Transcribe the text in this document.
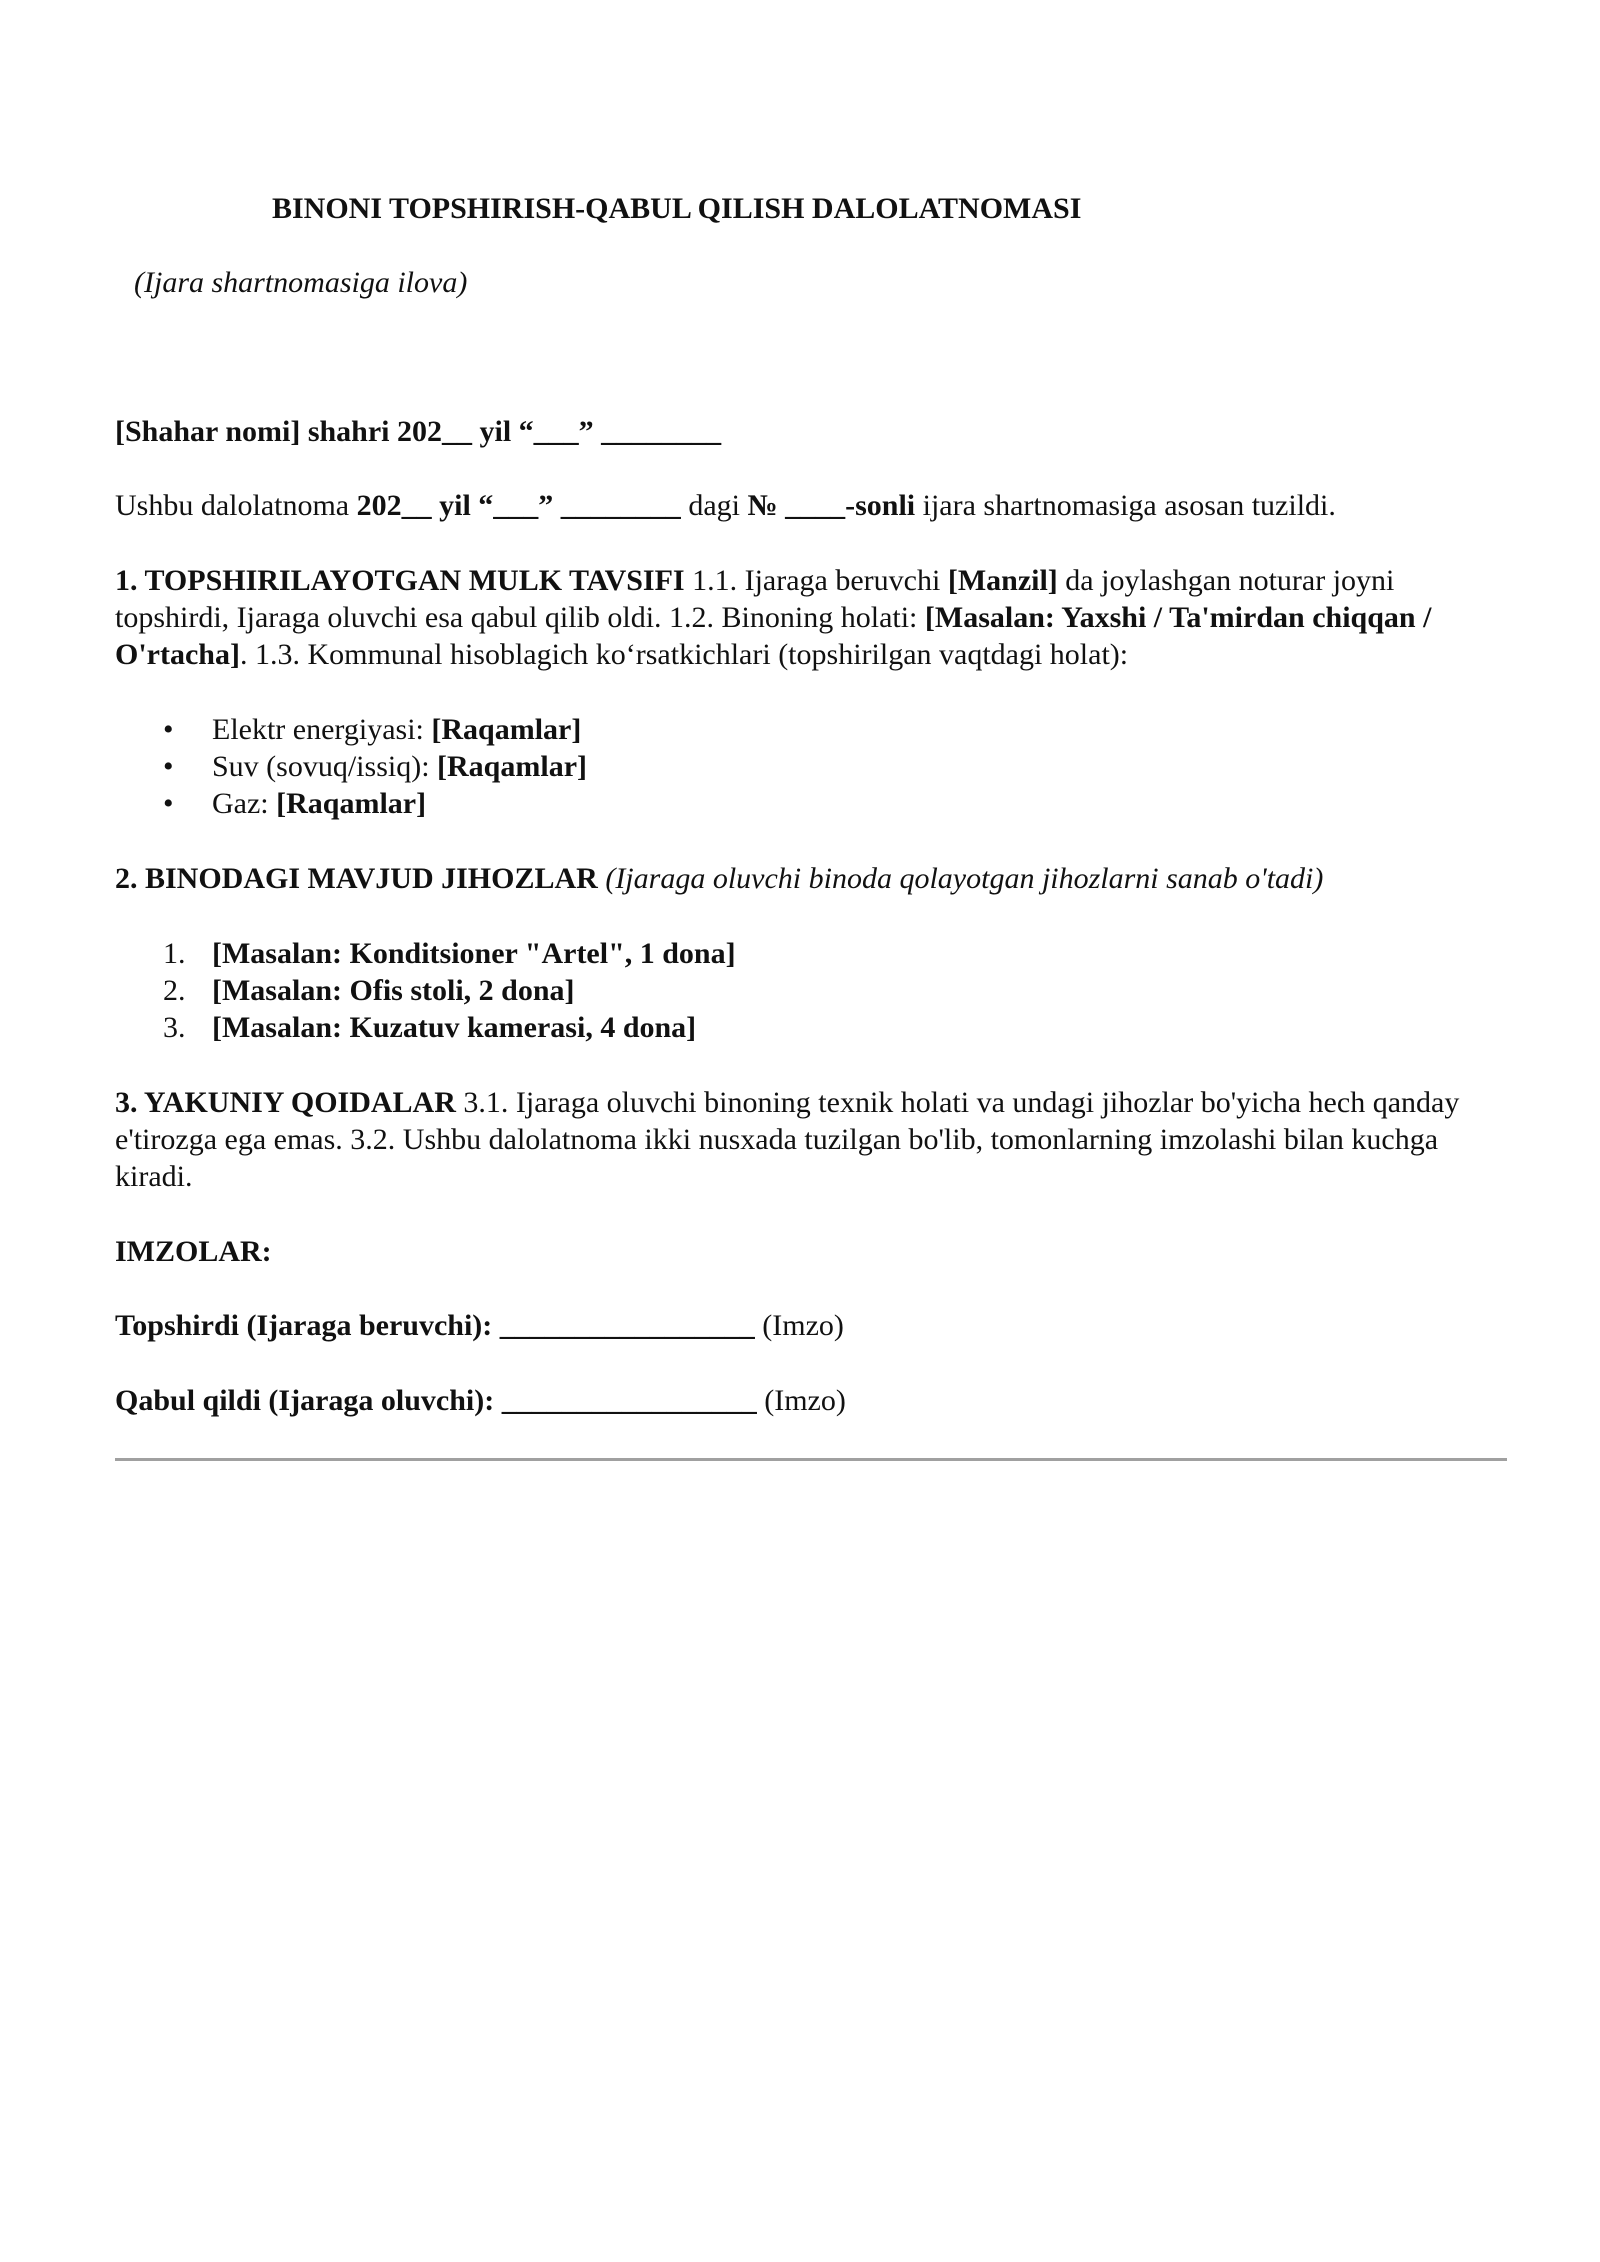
BINONI TOPSHIRISH-QABUL QILISH DALOLATNOMASI

(Ijara shartnomasiga ilova)

[Shahar nomi] shahri 202__ yil “___” ________

Ushbu dalolatnoma 202__ yil “___” ________ dagi № ____-sonli ijara shartnomasiga asosan tuzildi.

1. TOPSHIRILAYOTGAN MULK TAVSIFI 1.1. Ijaraga beruvchi [Manzil] da joylashgan noturar joyni topshirdi, Ijaraga oluvchi esa qabul qilib oldi. 1.2. Binoning holati: [Masalan: Yaxshi / Ta'mirdan chiqqan / O'rtacha]. 1.3. Kommunal hisoblagich koʻrsatkichlari (topshirilgan vaqtdagi holat):

• Elektr energiyasi: [Raqamlar]
• Suv (sovuq/issiq): [Raqamlar]
• Gaz: [Raqamlar]

2. BINODAGI MAVJUD JIHOZLAR (Ijaraga oluvchi binoda qolayotgan jihozlarni sanab o'tadi)

1. [Masalan: Konditsioner "Artel", 1 dona]
2. [Masalan: Ofis stoli, 2 dona]
3. [Masalan: Kuzatuv kamerasi, 4 dona]

3. YAKUNIY QOIDALAR 3.1. Ijaraga oluvchi binoning texnik holati va undagi jihozlar bo'yicha hech qanday e'tirozga ega emas. 3.2. Ushbu dalolatnoma ikki nusxada tuzilgan bo'lib, tomonlarning imzolashi bilan kuchga kiradi.

IMZOLAR:

Topshirdi (Ijaraga beruvchi): _________________ (Imzo)

Qabul qildi (Ijaraga oluvchi): _________________ (Imzo)
